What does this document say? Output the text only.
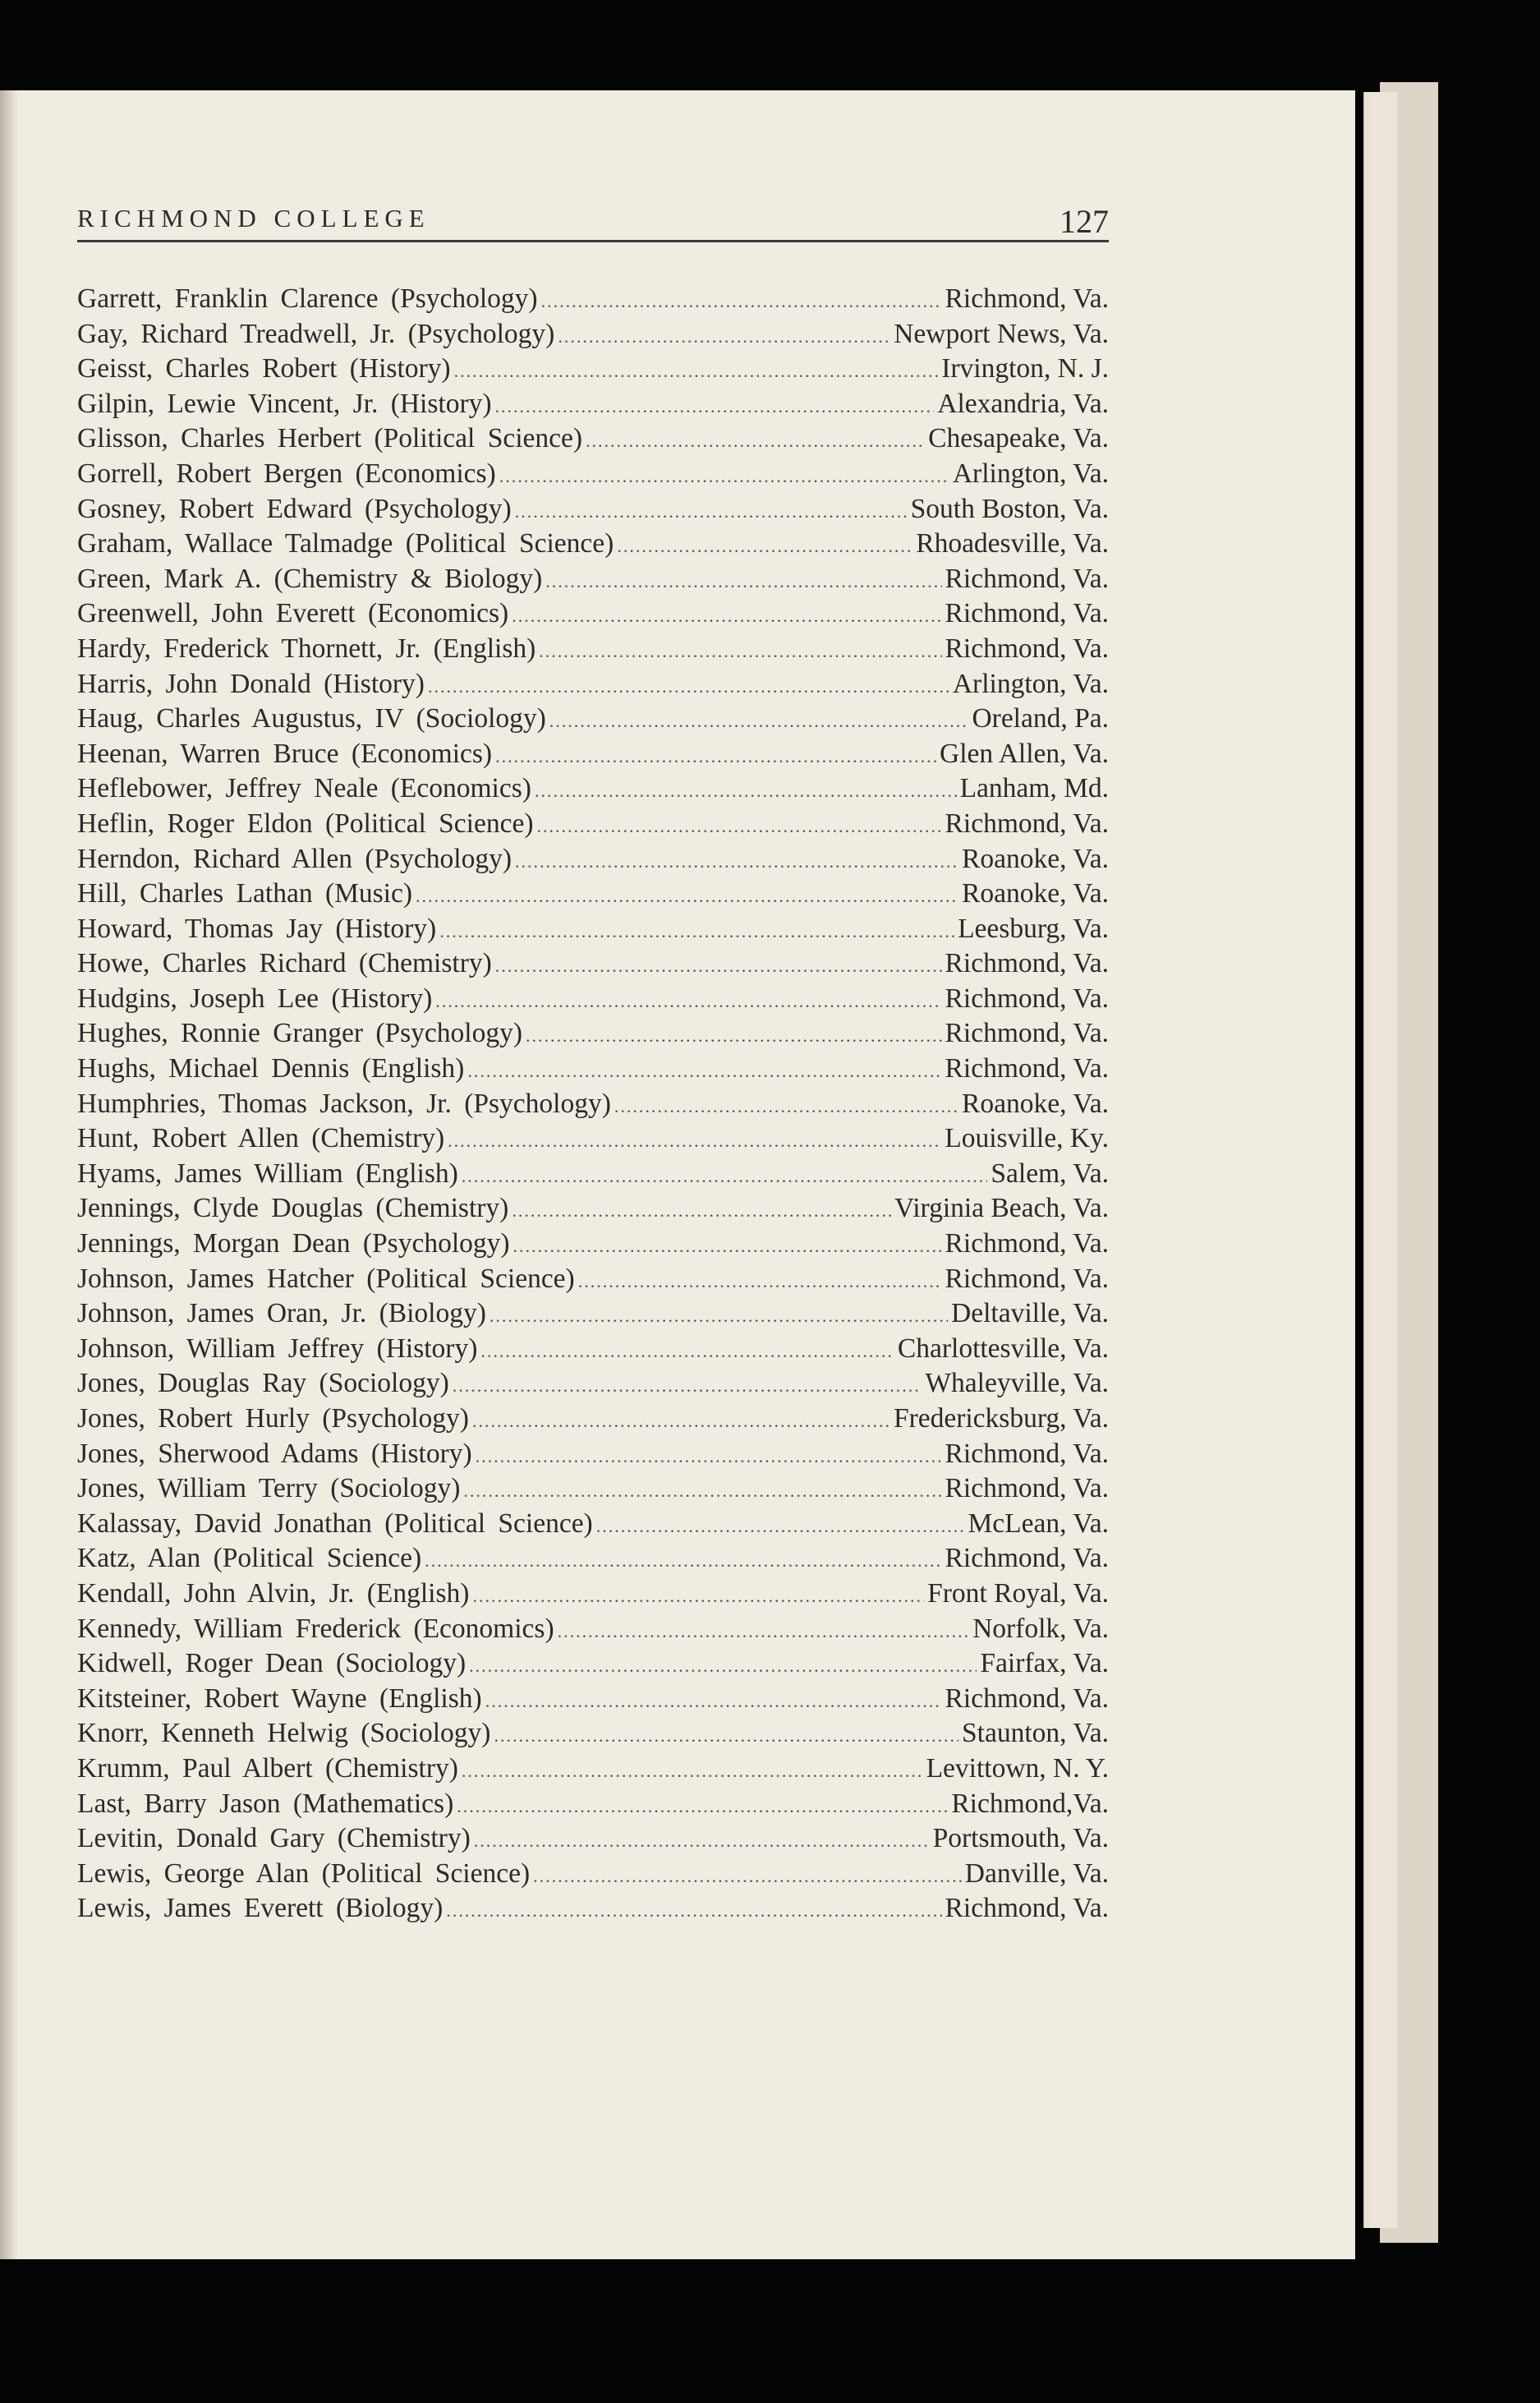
RICHMOND COLLEGE	127
Garrett, Franklin Clarence (Psychology) .....	Richmond, Va.
Gay, Richard Treadwell, Jr. (Psychology) .....	Newport News, Va.
Geisst, Charles Robert (History) .....	Irvington, N. J.
Gilpin, Lewie Vincent, Jr. (History) .....	Alexandria, Va.
Glisson, Charles Herbert (Political Science) .....	Chesapeake, Va.
Gorrell, Robert Bergen (Economics) .....	Arlington, Va.
Gosney, Robert Edward (Psychology) .....	South Boston, Va.
Graham, Wallace Talmadge (Political Science) .....	Rhoadesville, Va.
Green, Mark A. (Chemistry & Biology) .....	Richmond, Va.
Greenwell, John Everett (Economics) .....	Richmond, Va.
Hardy, Frederick Thornett, Jr. (English) .....	Richmond, Va.
Harris, John Donald (History) .....	Arlington, Va.
Haug, Charles Augustus, IV (Sociology) .....	Oreland, Pa.
Heenan, Warren Bruce (Economics) .....	Glen Allen, Va.
Heflebower, Jeffrey Neale (Economics) .....	Lanham, Md.
Heflin, Roger Eldon (Political Science) .....	Richmond, Va.
Herndon, Richard Allen (Psychology) .....	Roanoke, Va.
Hill, Charles Lathan (Music) .....	Roanoke, Va.
Howard, Thomas Jay (History) .....	Leesburg, Va.
Howe, Charles Richard (Chemistry) .....	Richmond, Va.
Hudgins, Joseph Lee (History) .....	Richmond, Va.
Hughes, Ronnie Granger (Psychology) .....	Richmond, Va.
Hughs, Michael Dennis (English) .....	Richmond, Va.
Humphries, Thomas Jackson, Jr. (Psychology) .....	Roanoke, Va.
Hunt, Robert Allen (Chemistry) .....	Louisville, Ky.
Hyams, James William (English) .....	Salem, Va.
Jennings, Clyde Douglas (Chemistry) .....	Virginia Beach, Va.
Jennings, Morgan Dean (Psychology) .....	Richmond, Va.
Johnson, James Hatcher (Political Science) .....	Richmond, Va.
Johnson, James Oran, Jr. (Biology) .....	Deltaville, Va.
Johnson, William Jeffrey (History) .....	Charlottesville, Va.
Jones, Douglas Ray (Sociology) .....	Whaleyville, Va.
Jones, Robert Hurly (Psychology) .....	Fredericksburg, Va.
Jones, Sherwood Adams (History) .....	Richmond, Va.
Jones, William Terry (Sociology) .....	Richmond, Va.
Kalassay, David Jonathan (Political Science) .....	McLean, Va.
Katz, Alan (Political Science) .....	Richmond, Va.
Kendall, John Alvin, Jr. (English) .....	Front Royal, Va.
Kennedy, William Frederick (Economics) .....	Norfolk, Va.
Kidwell, Roger Dean (Sociology) .....	Fairfax, Va.
Kitsteiner, Robert Wayne (English) .....	Richmond, Va.
Knorr, Kenneth Helwig (Sociology) .....	Staunton, Va.
Krumm, Paul Albert (Chemistry) .....	Levittown, N. Y.
Last, Barry Jason (Mathematics) .....	Richmond,Va.
Levitin, Donald Gary (Chemistry) .....	Portsmouth, Va.
Lewis, George Alan (Political Science) .....	Danville, Va.
Lewis, James Everett (Biology) .....	Richmond, Va.
